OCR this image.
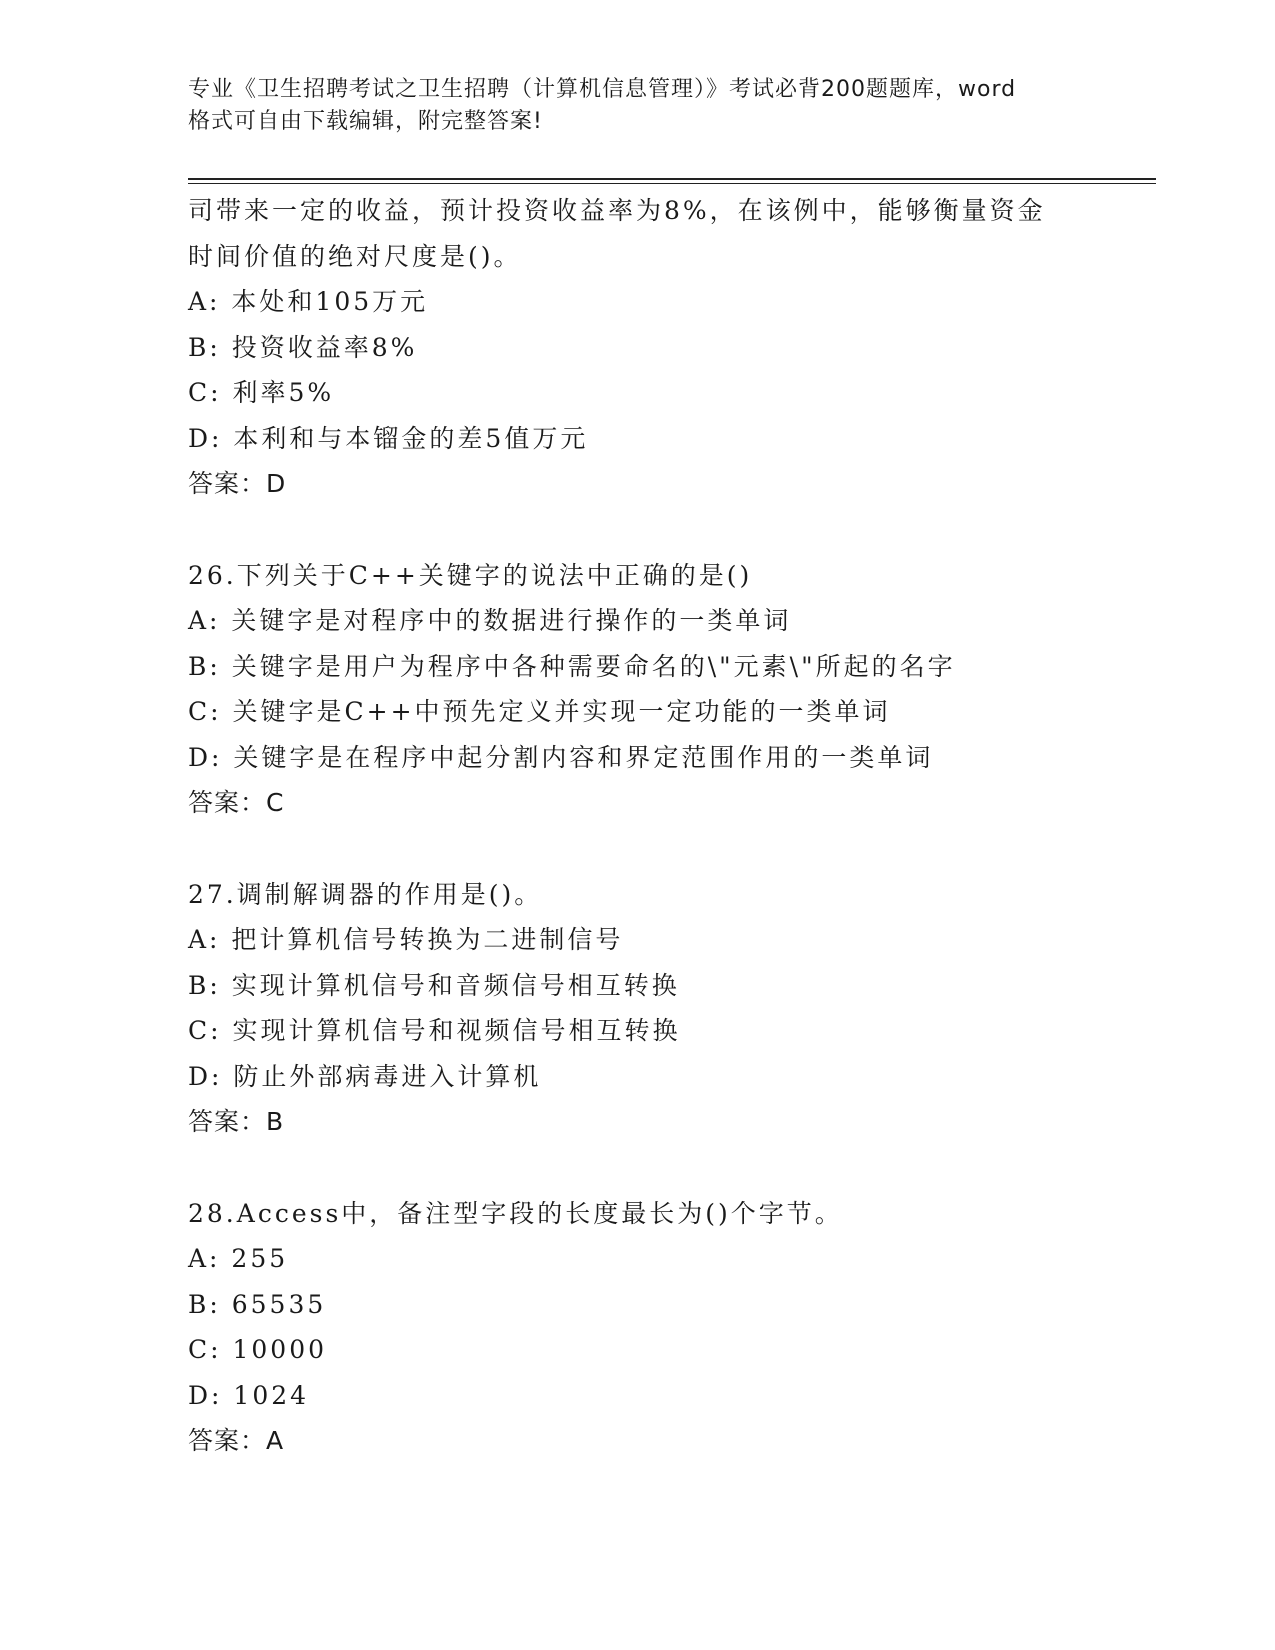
专业《卫生招聘考试之卫生招聘（计算机信息管理）》考试必背200题题库，word
格式可自由下载编辑，附完整答案!
司带来一定的收益，预计投资收益率为8%，在该例中，能够衡量资金
时间价值的绝对尺度是()。
A: 本处和105万元
B: 投资收益率8%
C: 利率5%
D: 本利和与本镏金的差5值万元
答案：D
26.下列关于C++关键字的说法中正确的是()
A: 关键字是对程序中的数据进行操作的一类单词
B: 关键字是用户为程序中各种需要命名的\"元素\"所起的名字
C: 关键字是C++中预先定义并实现一定功能的一类单词
D: 关键字是在程序中起分割内容和界定范围作用的一类单词
答案：C
27.调制解调器的作用是()。
A: 把计算机信号转换为二进制信号
B: 实现计算机信号和音频信号相互转换
C: 实现计算机信号和视频信号相互转换
D: 防止外部病毒进入计算机
答案：B
28.Access中，备注型字段的长度最长为()个字节。
A: 255
B: 65535
C: 10000
D: 1024
答案：A
